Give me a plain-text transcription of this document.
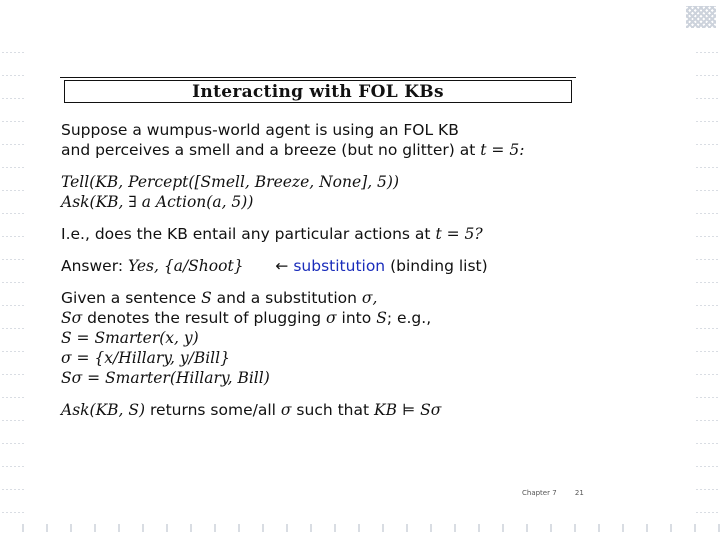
Interacting with FOL KBs
Suppose a wumpus-world agent is using an FOL KB
and perceives a smell and a breeze (but no glitter) at t = 5:
Tell(KB, Percept([Smell, Breeze, None], 5))
Ask(KB, ∃ a Action(a, 5))
I.e., does the KB entail any particular actions at t = 5?
Answer: Yes, {a/Shoot} ← substitution (binding list)
Given a sentence S and a substitution σ,
Sσ denotes the result of plugging σ into S; e.g.,
S = Smarter(x, y)
σ = {x/Hillary, y/Bill}
Sσ = Smarter(Hillary, Bill)
Ask(KB, S) returns some/all σ such that KB ⊨ Sσ
Chapter 7	21
